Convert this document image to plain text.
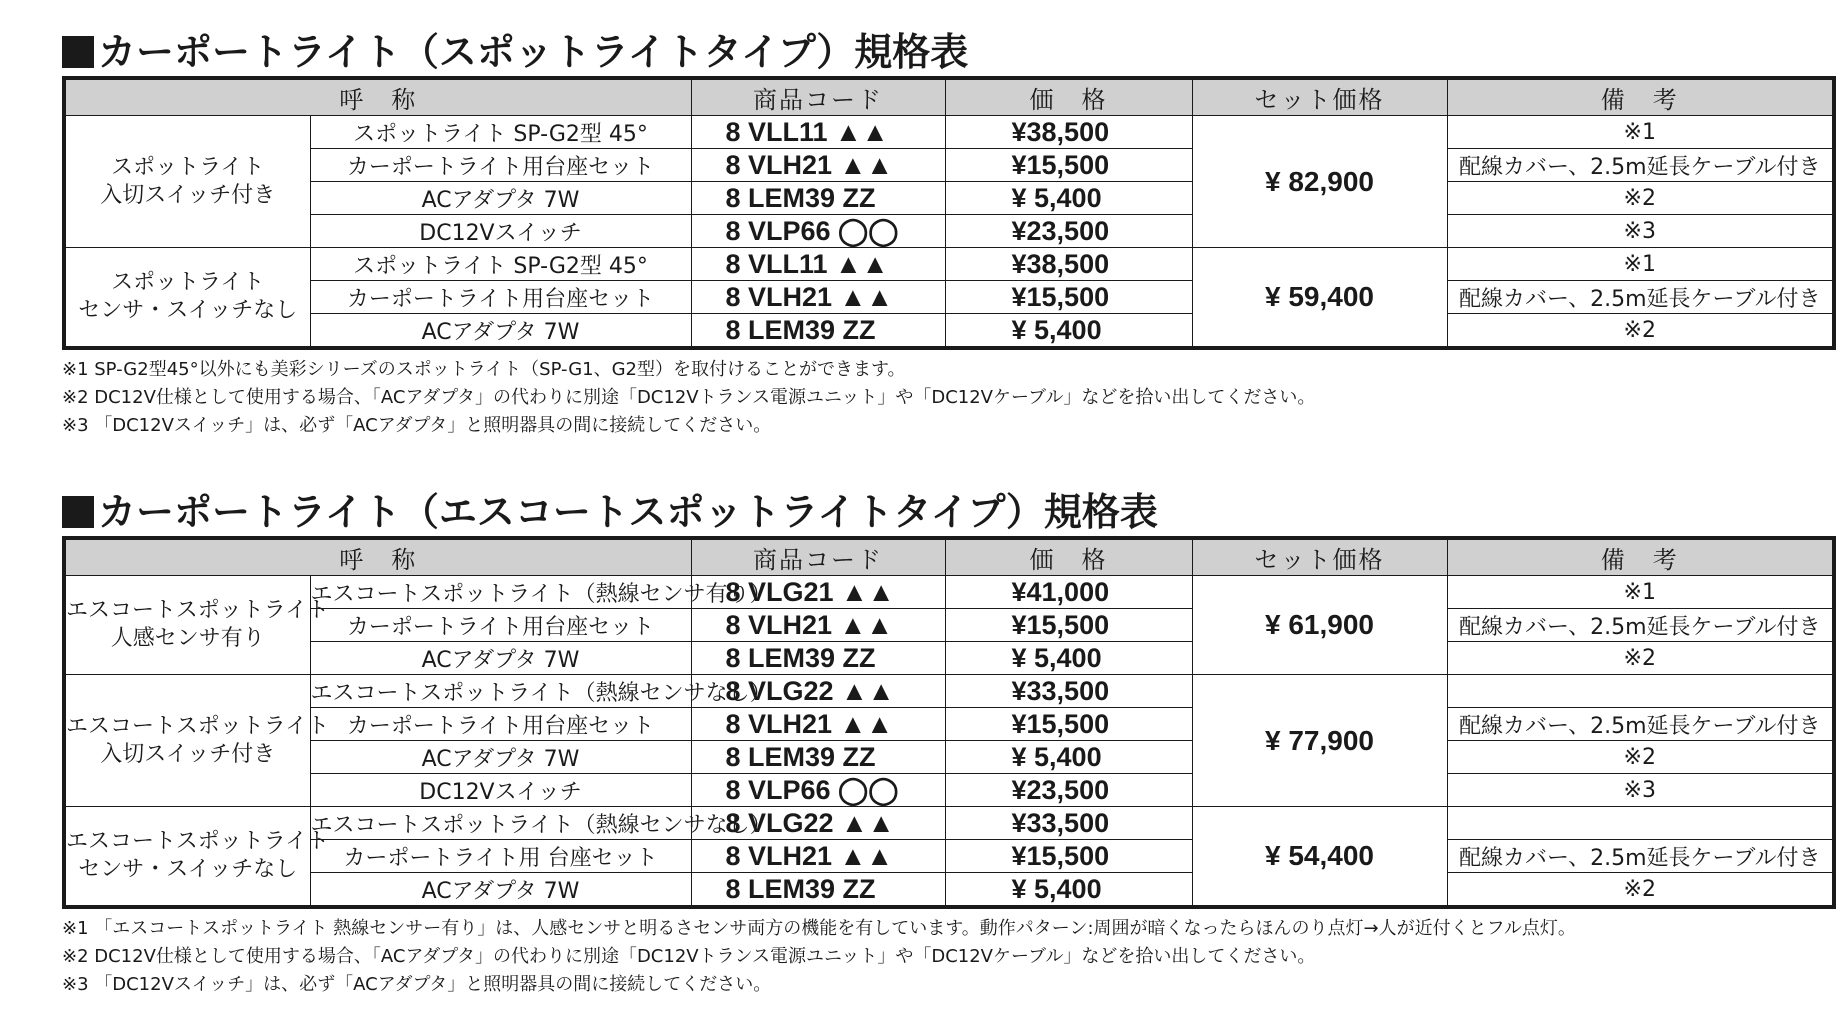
カーポートライト（スポットライトタイプ）規格表
呼　称		商品コード	価　格	セット価格	備　考

スポットライト
入切スイッチ付き	スポットライト SP-G2型 45°	8 VLL11 ▲▲	¥38,500	¥ 82,900	※1
	カーポートライト用台座セット	8 VLH21 ▲▲	¥15,500		配線カバー、2.5m延長ケーブル付き
	ACアダプタ 7W	8 LEM39 ZZ	¥ 5,400		※2
	DC12Vスイッチ	8 VLP66 ◯◯	¥23,500		※3

スポットライト
センサ・スイッチなし	スポットライト SP-G2型 45°	8 VLL11 ▲▲	¥38,500	¥ 59,400	※1
	カーポートライト用台座セット	8 VLH21 ▲▲	¥15,500		配線カバー、2.5m延長ケーブル付き
	ACアダプタ 7W	8 LEM39 ZZ	¥ 5,400		※2
※1 SP-G2型45°以外にも美彩シリーズのスポットライト（SP-G1、G2型）を取付けることができます。
※2 DC12V仕様として使用する場合、「ACアダプタ」の代わりに別途「DC12Vトランス電源ユニット」や「DC12Vケーブル」などを拾い出してください。
※3 「DC12Vスイッチ」は、必ず「ACアダプタ」と照明器具の間に接続してください。
カーポートライト（エスコートスポットライトタイプ）規格表
呼　称		商品コード	価　格	セット価格	備　考

エスコートスポットライト
人感センサ有り	エスコートスポットライト（熱線センサ有り）	8 VLG21 ▲▲	¥41,000	¥ 61,900	※1
	カーポートライト用台座セット	8 VLH21 ▲▲	¥15,500		配線カバー、2.5m延長ケーブル付き
	ACアダプタ 7W	8 LEM39 ZZ	¥ 5,400		※2

エスコートスポットライト
入切スイッチ付き	エスコートスポットライト（熱線センサなし）	8 VLG22 ▲▲	¥33,500	¥ 77,900	
	カーポートライト用台座セット	8 VLH21 ▲▲	¥15,500		配線カバー、2.5m延長ケーブル付き
	ACアダプタ 7W	8 LEM39 ZZ	¥ 5,400		※2
	DC12Vスイッチ	8 VLP66 ◯◯	¥23,500		※3

エスコートスポットライト
センサ・スイッチなし	エスコートスポットライト（熱線センサなし）	8 VLG22 ▲▲	¥33,500	¥ 54,400	
	カーポートライト用 台座セット	8 VLH21 ▲▲	¥15,500		配線カバー、2.5m延長ケーブル付き
	ACアダプタ 7W	8 LEM39 ZZ	¥ 5,400		※2
※1 「エスコートスポットライト 熱線センサー有り」は、人感センサと明るさセンサ両方の機能を有しています。動作パターン:周囲が暗くなったらほんのり点灯→人が近付くとフル点灯。
※2 DC12V仕様として使用する場合、「ACアダプタ」の代わりに別途「DC12Vトランス電源ユニット」や「DC12Vケーブル」などを拾い出してください。
※3 「DC12Vスイッチ」は、必ず「ACアダプタ」と照明器具の間に接続してください。
